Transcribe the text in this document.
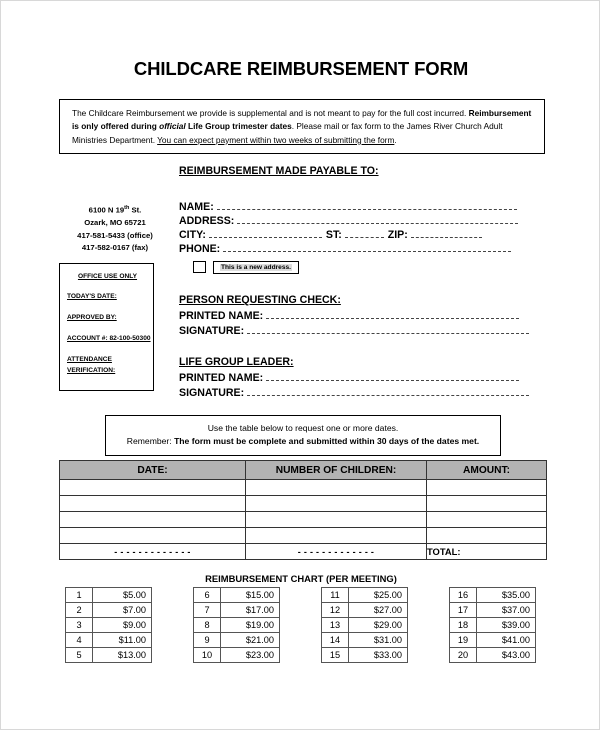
CHILDCARE REIMBURSEMENT FORM

The Childcare Reimbursement we provide is supplemental and is not meant to pay for the full cost incurred. Reimbursement is only offered during official Life Group trimester dates. Please mail or fax form to the James River Church Adult Ministries Department. You can expect payment within two weeks of submitting the form.

REIMBURSEMENT MADE PAYABLE TO:
6100 N 19th St.
Ozark, MO 65721
417-581-5433 (office)
417-582-0167 (fax)
NAME:
ADDRESS:
CITY:	ST:	ZIP:
PHONE:
This is a new address.
OFFICE USE ONLY
TODAY'S DATE:
APPROVED BY:
ACCOUNT #: 82-100-50300
ATTENDANCE
VERIFICATION:
PERSON REQUESTING CHECK:
PRINTED NAME:
SIGNATURE:
LIFE GROUP LEADER:
PRINTED NAME:
SIGNATURE:

Use the table below to request one or more dates.

Remember: The form must be complete and submitted within 30 days of the dates met.

DATE:	NUMBER OF CHILDREN:	AMOUNT:

- - - - - - - - - - - - -	- - - - - - - - - - - - -	TOTAL:
REIMBURSEMENT CHART (PER MEETING)
1	$5.00
2	$7.00
3	$9.00
4	$11.00
5	$13.00
6	$15.00
7	$17.00
8	$19.00
9	$21.00
10	$23.00
11	$25.00
12	$27.00
13	$29.00
14	$31.00
15	$33.00
16	$35.00
17	$37.00
18	$39.00
19	$41.00
20	$43.00
